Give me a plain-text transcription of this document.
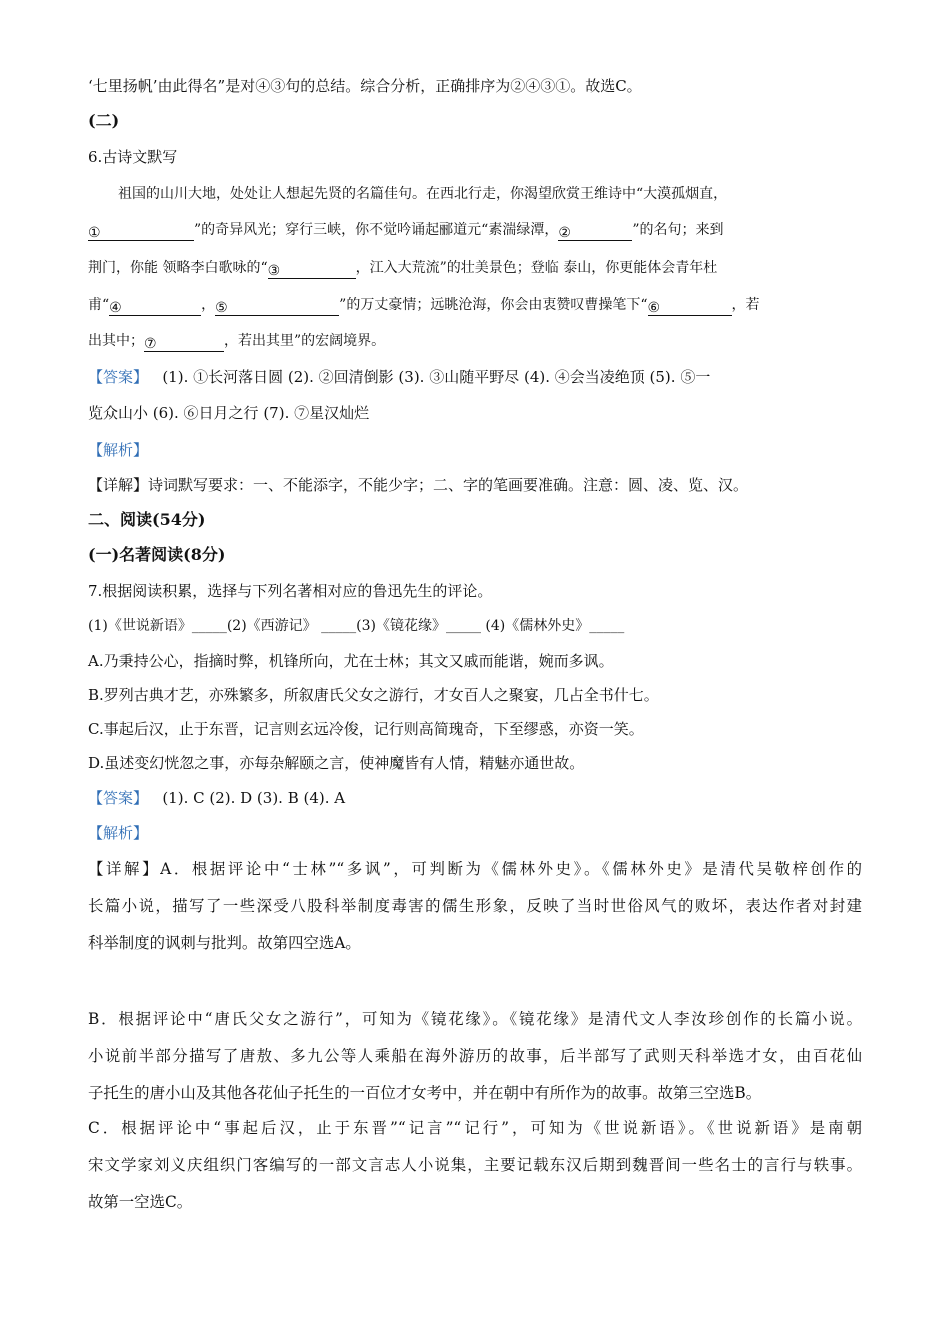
‘七里扬帆’由此得名”是对④③句的总结。综合分析，正确排序为②④③①。故选C。
(二)
6.古诗文默写
祖国的山川大地，处处让人想起先贤的名篇佳句。在西北行走，你渴望欣赏王维诗中“大漠孤烟直，
①	”的奇异风光；穿行三峡，你不觉吟诵起郦道元“素湍绿潭，②	”的名句；来到
荆门，你能 领略李白歌咏的“③	，江入大荒流”的壮美景色；登临 泰山，你更能体会青年杜
甫“④	，⑤	”的万丈豪情；远眺沧海，你会由衷赞叹曹操笔下“⑥	，若
出其中；⑦	，若出其里”的宏阔境界。
【答案】 (1). ①长河落日圆 (2). ②回清倒影 (3). ③山随平野尽 (4). ④会当凌绝顶 (5). ⑤一
览众山小 (6). ⑥日月之行 (7). ⑦星汉灿烂
【解析】
【详解】诗词默写要求：一、不能添字，不能少字；二、字的笔画要准确。注意：圆、凌、览、汉。
二、阅读(54分)
(一)名著阅读(8分)
7.根据阅读积累，选择与下列名著相对应的鲁迅先生的评论。
(1)《世说新语》_____(2)《西游记》 _____(3)《镜花缘》_____ (4)《儒林外史》_____
A.乃秉持公心，指摘时弊，机锋所向，尤在士林；其文又戚而能谐，婉而多讽。
B.罗列古典才艺，亦殊繁多，所叙唐氏父女之游行，才女百人之聚宴，几占全书什七。
C.事起后汉，止于东晋，记言则玄远冷俊，记行则高简瑰奇，下至缪惑，亦资一笑。
D.虽述变幻恍忽之事，亦每杂解颐之言，使神魔皆有人情，精魅亦通世故。
【答案】 (1). C (2). D (3). B (4). A
【解析】
【详解】A．根据评论中“士林”“多讽”，可判断为《儒林外史》。《儒林外史》是清代吴敬梓创作的
长篇小说，描写了一些深受八股科举制度毒害的儒生形象，反映了当时世俗风气的败坏，表达作者对封建
科举制度的讽刺与批判。故第四空选A。
B．根据评论中“唐氏父女之游行”，可知为《镜花缘》。《镜花缘》是清代文人李汝珍创作的长篇小说。
小说前半部分描写了唐敖、多九公等人乘船在海外游历的故事，后半部写了武则天科举选才女，由百花仙
子托生的唐小山及其他各花仙子托生的一百位才女考中，并在朝中有所作为的故事。故第三空选B。
C．根据评论中“事起后汉，止于东晋”“记言”“记行”，可知为《世说新语》。《世说新语》是南朝
宋文学家刘义庆组织门客编写的一部文言志人小说集，主要记载东汉后期到魏晋间一些名士的言行与轶事。
故第一空选C。
